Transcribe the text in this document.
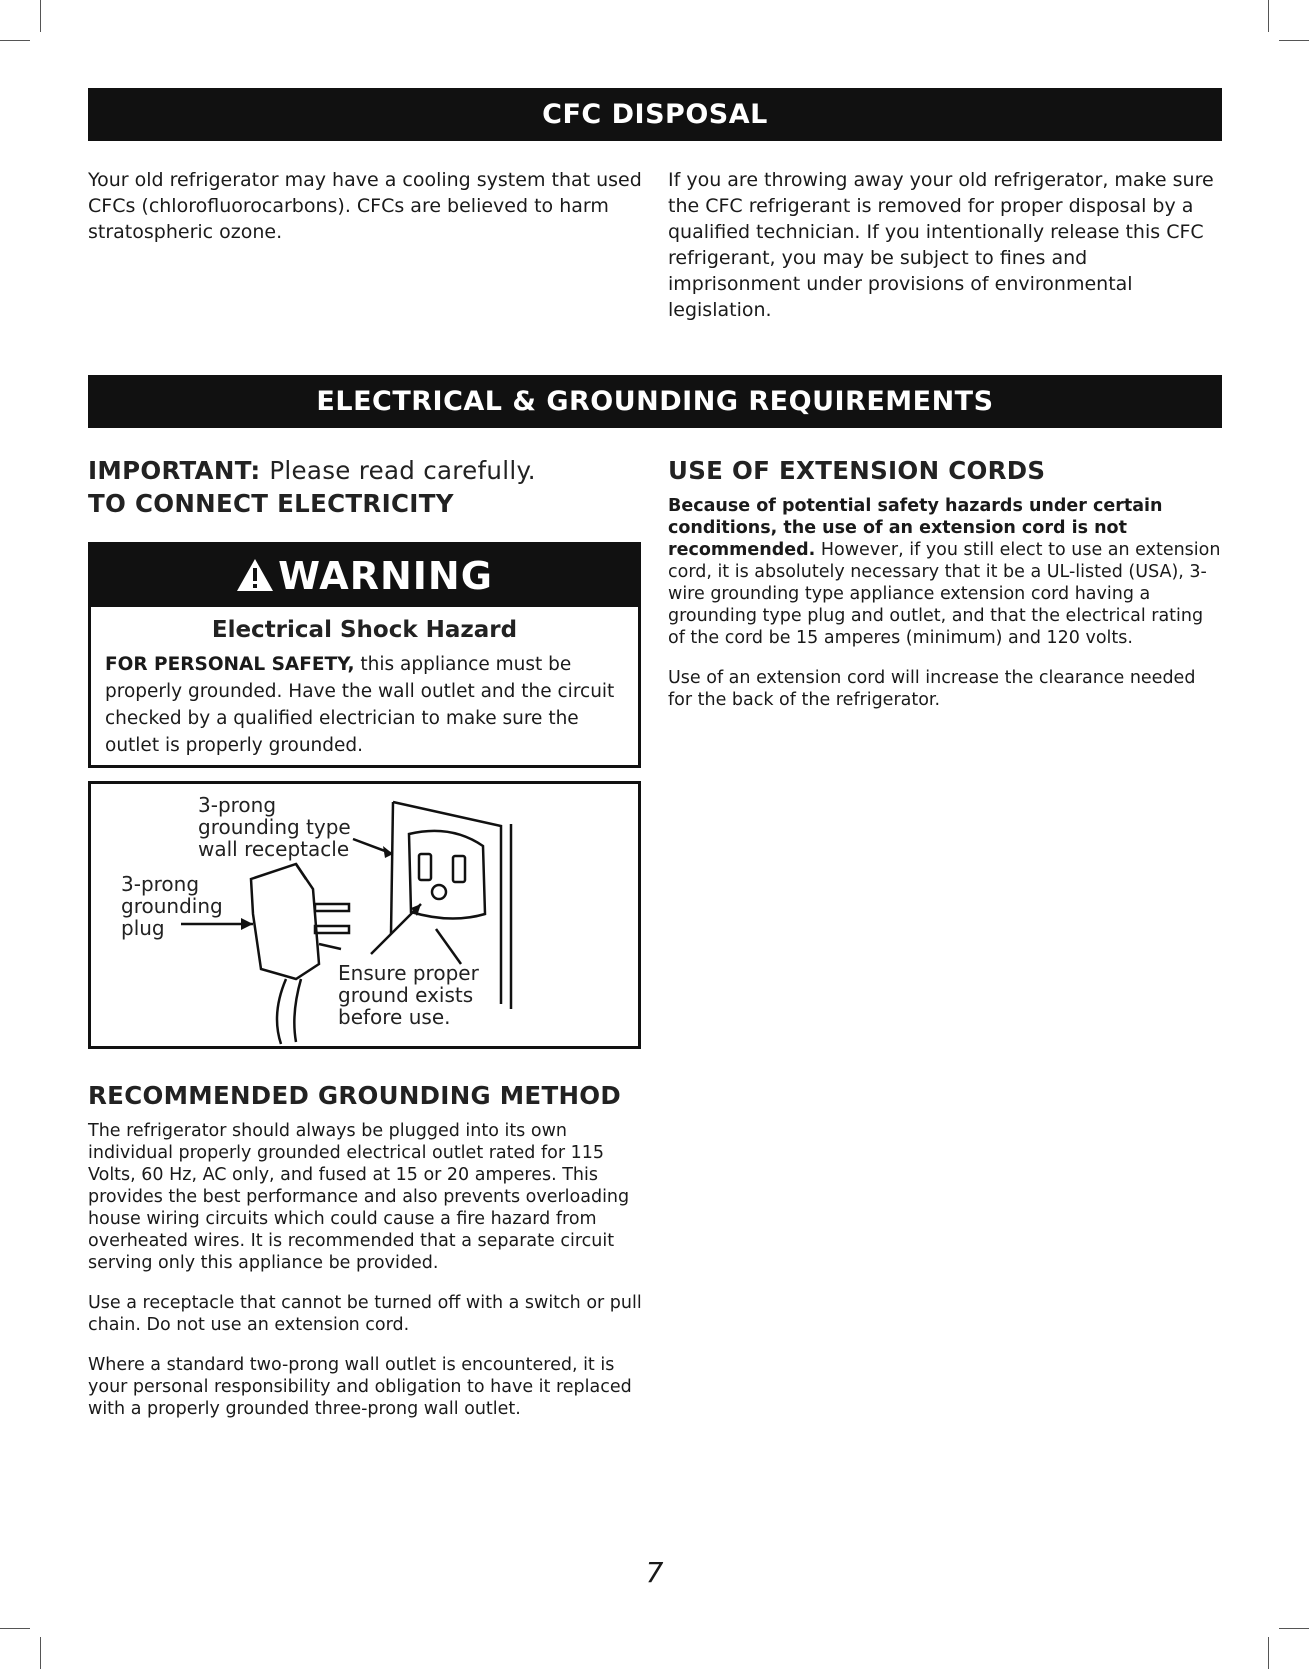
CFC DISPOSAL

Your old refrigerator may have a cooling system that used CFCs (chlorofluorocarbons). CFCs are believed to harm stratospheric ozone.

If you are throwing away your old refrigerator, make sure the CFC refrigerant is removed for proper disposal by a qualified technician. If you intentionally release this CFC refrigerant, you may be subject to fines and imprisonment under provisions of environmental legislation.

ELECTRICAL & GROUNDING REQUIREMENTS
IMPORTANT: Please read carefully.
TO CONNECT ELECTRICITY
WARNING
Electrical Shock Hazard

FOR PERSONAL SAFETY, this appliance must be properly grounded. Have the wall outlet and the circuit checked by a qualified electrician to make sure the outlet is properly grounded.

3-prong
grounding type
wall receptacle
3-prong
grounding
plug
Ensure proper
ground exists
before use.
USE OF EXTENSION CORDS

Because of potential safety hazards under certain conditions, the use of an extension cord is not recommended. However, if you still elect to use an extension cord, it is absolutely necessary that it be a UL-listed (USA), 3-wire grounding type appliance extension cord having a grounding type plug and outlet, and that the electrical rating of the cord be 15 amperes (minimum) and 120 volts.

Use of an extension cord will increase the clearance needed for the back of the refrigerator.

RECOMMENDED GROUNDING METHOD

The refrigerator should always be plugged into its own individual properly grounded electrical outlet rated for 115 Volts, 60 Hz, AC only, and fused at 15 or 20 amperes. This provides the best performance and also prevents overloading house wiring circuits which could cause a fire hazard from overheated wires. It is recommended that a separate circuit serving only this appliance be provided.

Use a receptacle that cannot be turned off with a switch or pull chain. Do not use an extension cord.

Where a standard two-prong wall outlet is encountered, it is your personal responsibility and obligation to have it replaced with a properly grounded three-prong wall outlet.

7
